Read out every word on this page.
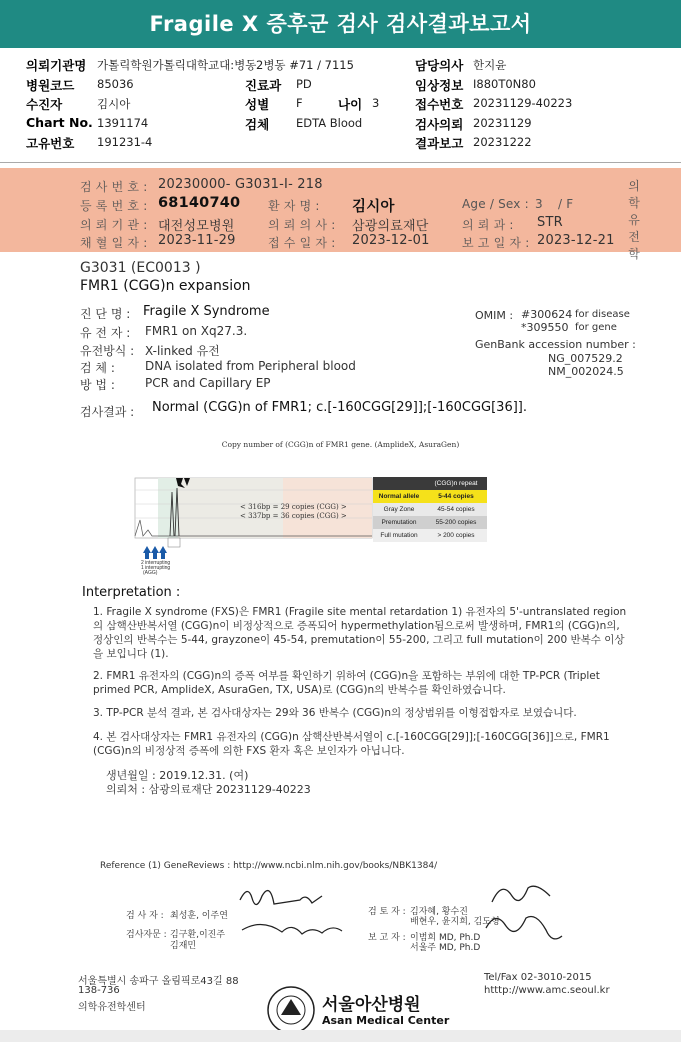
Fragile X 증후군 검사 검사결과보고서
의뢰기관명 가톨릭학원가톨릭대학교대:병동 2병동 #71 / 7115	담당의사 한지윤
병원코드 85036	진료과 PD	임상정보 I880T0N80
수진자	김시아	성별 F	나이 3	접수번호 20231129-40223
Chart No. 1391174	검체 EDTA Blood	검사의뢰 20231129
고유번호 191231-4	결과보고 20231222
검 사 번 호 : 20230000- G3031-I- 218
등 록 번 호 : 68140740 환 자 명 : 김시아	Age / Sex : 3 / F
의 뢰 기 관 : 대전성모병원	의 뢰 의 사 : 삼광의료재단	의 뢰 과 : STR
채 혈 일 자 : 2023-11-29	접 수 일 자 : 2023-12-01	보 고 일 자 : 2023-12-21
의
학
유
전
학
G3031 (EC0013 )
FMR1 (CGG)n expansion
진 단 명 : Fragile X Syndrome
유 전 자 : FMR1 on Xq27.3.
유전방식 : X-linked 유전
검 체 :	DNA isolated from Peripheral blood
방 법 :	PCR and Capillary EP
OMIM : #300624 for disease
*309550 for gene
GenBank accession number :
NG_007529.2
NM_002024.5
검사결과 : Normal (CGG)n of FMR1; c.[-160CGG[29]];[-160CGG[36]].
Copy number of (CGG)n of FMR1 gene. (AmplideX, AsuraGen)
< 316bp = 29 copies (CGG) >
< 337bp = 36 copies (CGG) >
2 interrupting
1 interrupting
(AGG)
(CGG)n repeat
Normal allele	5-44 copies
Gray Zone	45-54 copies
Premutation	55-200 copies
Full mutation	> 200 copies
Interpretation :
1. Fragile X syndrome (FXS)은 FMR1 (Fragile site mental retardation 1) 유전자의 5'-untranslated region의 삼핵산반복서열 (CGG)n이 비정상적으로 증폭되어 hypermethylation됨으로써 발생하며, FMR1의 (CGG)n의, 정상인의 반복수는 5-44, grayzone이 45-54, premutation이 55-200, 그리고 full mutation이 200 반복수 이상을 보입니다 (1).
2. FMR1 유전자의 (CGG)n의 증폭 여부를 확인하기 위하여 (CGG)n을 포함하는 부위에 대한 TP-PCR (Triplet primed PCR, AmplideX, AsuraGen, TX, USA)로 (CGG)n의 반복수를 확인하였습니다.
3. TP-PCR 분석 결과, 본 검사대상자는 29와 36 반복수 (CGG)n의 정상범위를 이형접합자로 보였습니다.
4. 본 검사대상자는 FMR1 유전자의 (CGG)n 삼핵산반복서열이 c.[-160CGG[29]];[-160CGG[36]]으로, FMR1 (CGG)n의 비정상적 증폭에 의한 FXS 환자 혹은 보인자가 아닙니다.
생년월일 : 2019.12.31. (여)
의뢰처 : 삼광의료재단 20231129-40223
Reference (1) GeneReviews : http://www.ncbi.nlm.nih.gov/books/NBK1384/
검 사 자 : 최성훈, 이주연
검사자문 : 김구환,이진주
김재민
검 토 자 : 김자혜, 황수진
배현우, 윤지희, 김도형
보 고 자 : 이범희 MD, Ph.D
서울주 MD, Ph.D
서울특별시 송파구 올림픽로43길 88
138-736
의학유전학센터
Tel/Fax 02-3010-2015
htttp://www.amc.seoul.kr
서울아산병원
Asan Medical Center
